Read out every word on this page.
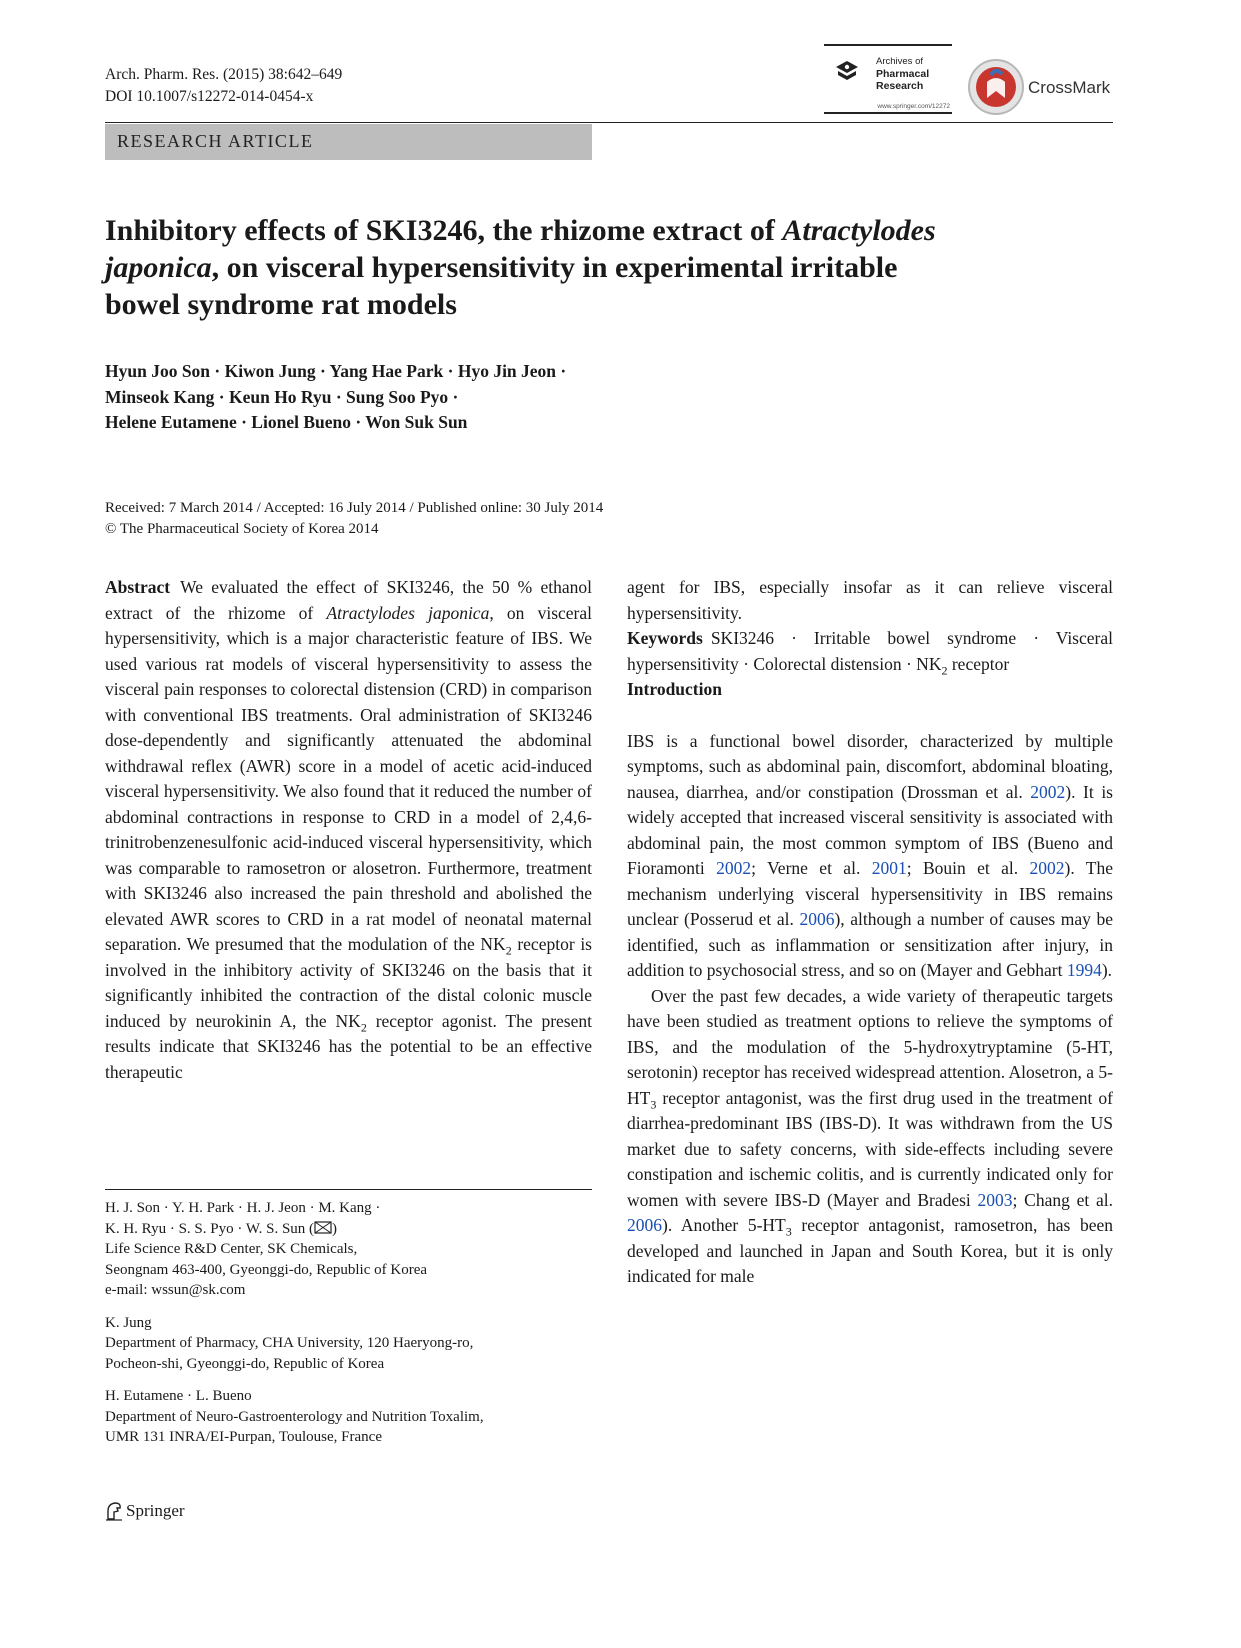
Arch. Pharm. Res. (2015) 38:642–649
DOI 10.1007/s12272-014-0454-x
Archives of
Pharmacal
Research
www.springer.com/12272
CrossMark
RESEARCH ARTICLE
Inhibitory effects of SKI3246, the rhizome extract of Atractylodes
japonica, on visceral hypersensitivity in experimental irritable
bowel syndrome rat models
Hyun Joo Son · Kiwon Jung · Yang Hae Park · Hyo Jin Jeon ·
Minseok Kang · Keun Ho Ryu · Sung Soo Pyo ·
Helene Eutamene · Lionel Bueno · Won Suk Sun
Received: 7 March 2014 / Accepted: 16 July 2014 / Published online: 30 July 2014
© The Pharmaceutical Society of Korea 2014
Abstract We evaluated the effect of SKI3246, the 50 % ethanol extract of the rhizome of Atractylodes japonica, on visceral hypersensitivity, which is a major characteristic feature of IBS. We used various rat models of visceral hypersensitivity to assess the visceral pain responses to colorectal distension (CRD) in comparison with conventional IBS treatments. Oral administration of SKI3246 dose-dependently and significantly attenuated the abdominal withdrawal reflex (AWR) score in a model of acetic acid-induced visceral hypersensitivity. We also found that it reduced the number of abdominal contractions in response to CRD in a model of 2,4,6-trinitrobenzenesulfonic acid-induced visceral hypersensitivity, which was comparable to ramosetron or alosetron. Furthermore, treatment with SKI3246 also increased the pain threshold and abolished the elevated AWR scores to CRD in a rat model of neonatal maternal separation. We presumed that the modulation of the $NK_2$ receptor is involved in the inhibitory activity of SKI3246 on the basis that it significantly inhibited the contraction of the distal colonic muscle induced by neurokinin A, the $NK_2$ receptor agonist. The present results indicate that SKI3246 has the potential to be an effective therapeutic

agent for IBS, especially insofar as it can relieve visceral hypersensitivity.

Keywords SKI3246 · Irritable bowel syndrome · Visceral hypersensitivity · Colorectal distension · $NK_2$ receptor

Introduction

IBS is a functional bowel disorder, characterized by multiple symptoms, such as abdominal pain, discomfort, abdominal bloating, nausea, diarrhea, and/or constipation (Drossman et al. 2002). It is widely accepted that increased visceral sensitivity is associated with abdominal pain, the most common symptom of IBS (Bueno and Fioramonti 2002; Verne et al. 2001; Bouin et al. 2002). The mechanism underlying visceral hypersensitivity in IBS remains unclear (Posserud et al. 2006), although a number of causes may be identified, such as inflammation or sensitization after injury, in addition to psychosocial stress, and so on (Mayer and Gebhart 1994).

Over the past few decades, a wide variety of therapeutic targets have been studied as treatment options to relieve the symptoms of IBS, and the modulation of the 5-hydroxytryptamine (5-HT, serotonin) receptor has received widespread attention. Alosetron, a $5-HT_3$ receptor antagonist, was the first drug used in the treatment of diarrhea-predominant IBS (IBS-D). It was withdrawn from the US market due to safety concerns, with side-effects including severe constipation and ischemic colitis, and is currently indicated only for women with severe IBS-D (Mayer and Bradesi 2003; Chang et al. 2006). Another $5-HT_3$ receptor antagonist, ramosetron, has been developed and launched in Japan and South Korea, but it is only indicated for male

H. J. Son · Y. H. Park · H. J. Jeon · M. Kang ·
K. H. Ryu · S. S. Pyo · W. S. Sun ( )
Life Science R&D Center, SK Chemicals,
Seongnam 463-400, Gyeonggi-do, Republic of Korea
e-mail: wssun@sk.com
K. Jung
Department of Pharmacy, CHA University, 120 Haeryong-ro,
Pocheon-shi, Gyeonggi-do, Republic of Korea
H. Eutamene · L. Bueno
Department of Neuro-Gastroenterology and Nutrition Toxalim,
UMR 131 INRA/EI-Purpan, Toulouse, France
Springer
